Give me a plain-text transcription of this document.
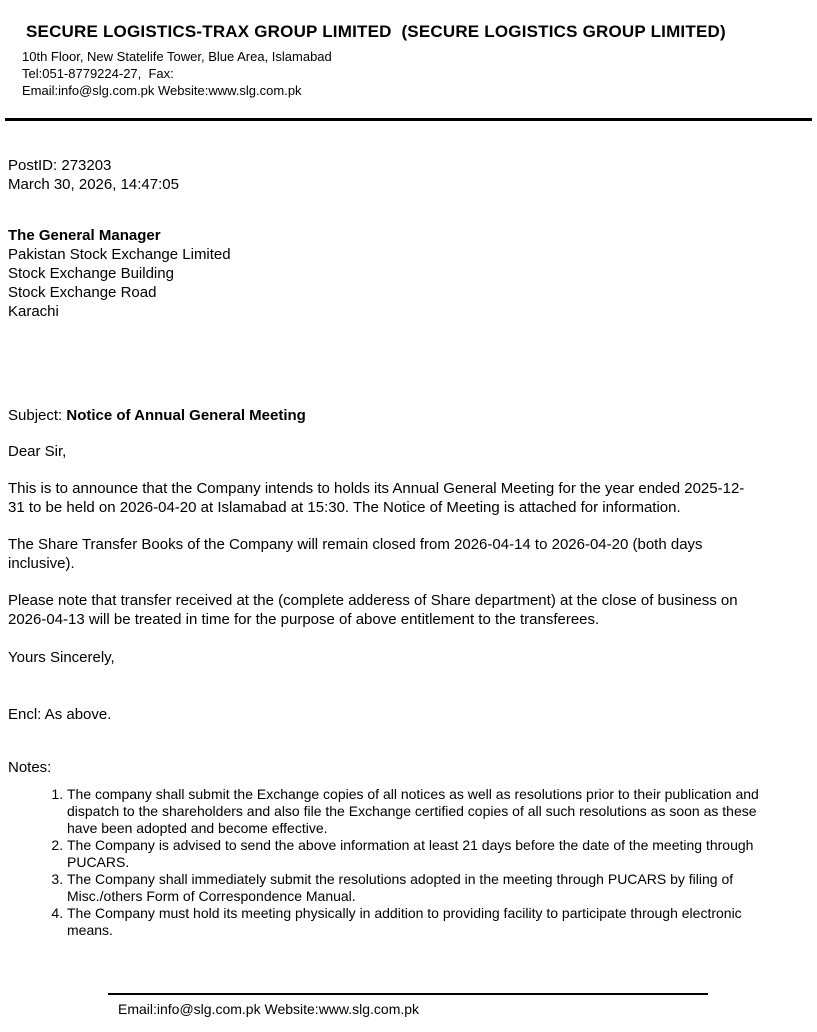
SECURE LOGISTICS-TRAX GROUP LIMITED  (SECURE LOGISTICS GROUP LIMITED)
10th Floor, New Statelife Tower, Blue Area, Islamabad
Tel:051-8779224-27,  Fax:
Email:info@slg.com.pk Website:www.slg.com.pk
PostID: 273203
March 30, 2026, 14:47:05
The General Manager
Pakistan Stock Exchange Limited
Stock Exchange Building
Stock Exchange Road
Karachi
Subject: Notice of Annual General Meeting

Dear Sir,

This is to announce that the Company intends to holds its Annual General Meeting for the year ended 2025-12-31 to be held on 2026-04-20 at Islamabad at 15:30. The Notice of Meeting is attached for information.

The Share Transfer Books of the Company will remain closed from 2026-04-14 to 2026-04-20 (both days inclusive).

Please note that transfer received at the (complete adderess of Share department) at the close of business on 2026-04-13 will be treated in time for the purpose of above entitlement to the transferees.

Yours Sincerely,

Encl: As above.

Notes:

1. The company shall submit the Exchange copies of all notices as well as resolutions prior to their publication and dispatch to the shareholders and also file the Exchange certified copies of all such resolutions as soon as these have been adopted and become effective.
2. The Company is advised to send the above information at least 21 days before the date of the meeting through PUCARS.
3. The Company shall immediately submit the resolutions adopted in the meeting through PUCARS by filing of Misc./others Form of Correspondence Manual.
4. The Company must hold its meeting physically in addition to providing facility to participate through electronic means.
Email:info@slg.com.pk Website:www.slg.com.pk
